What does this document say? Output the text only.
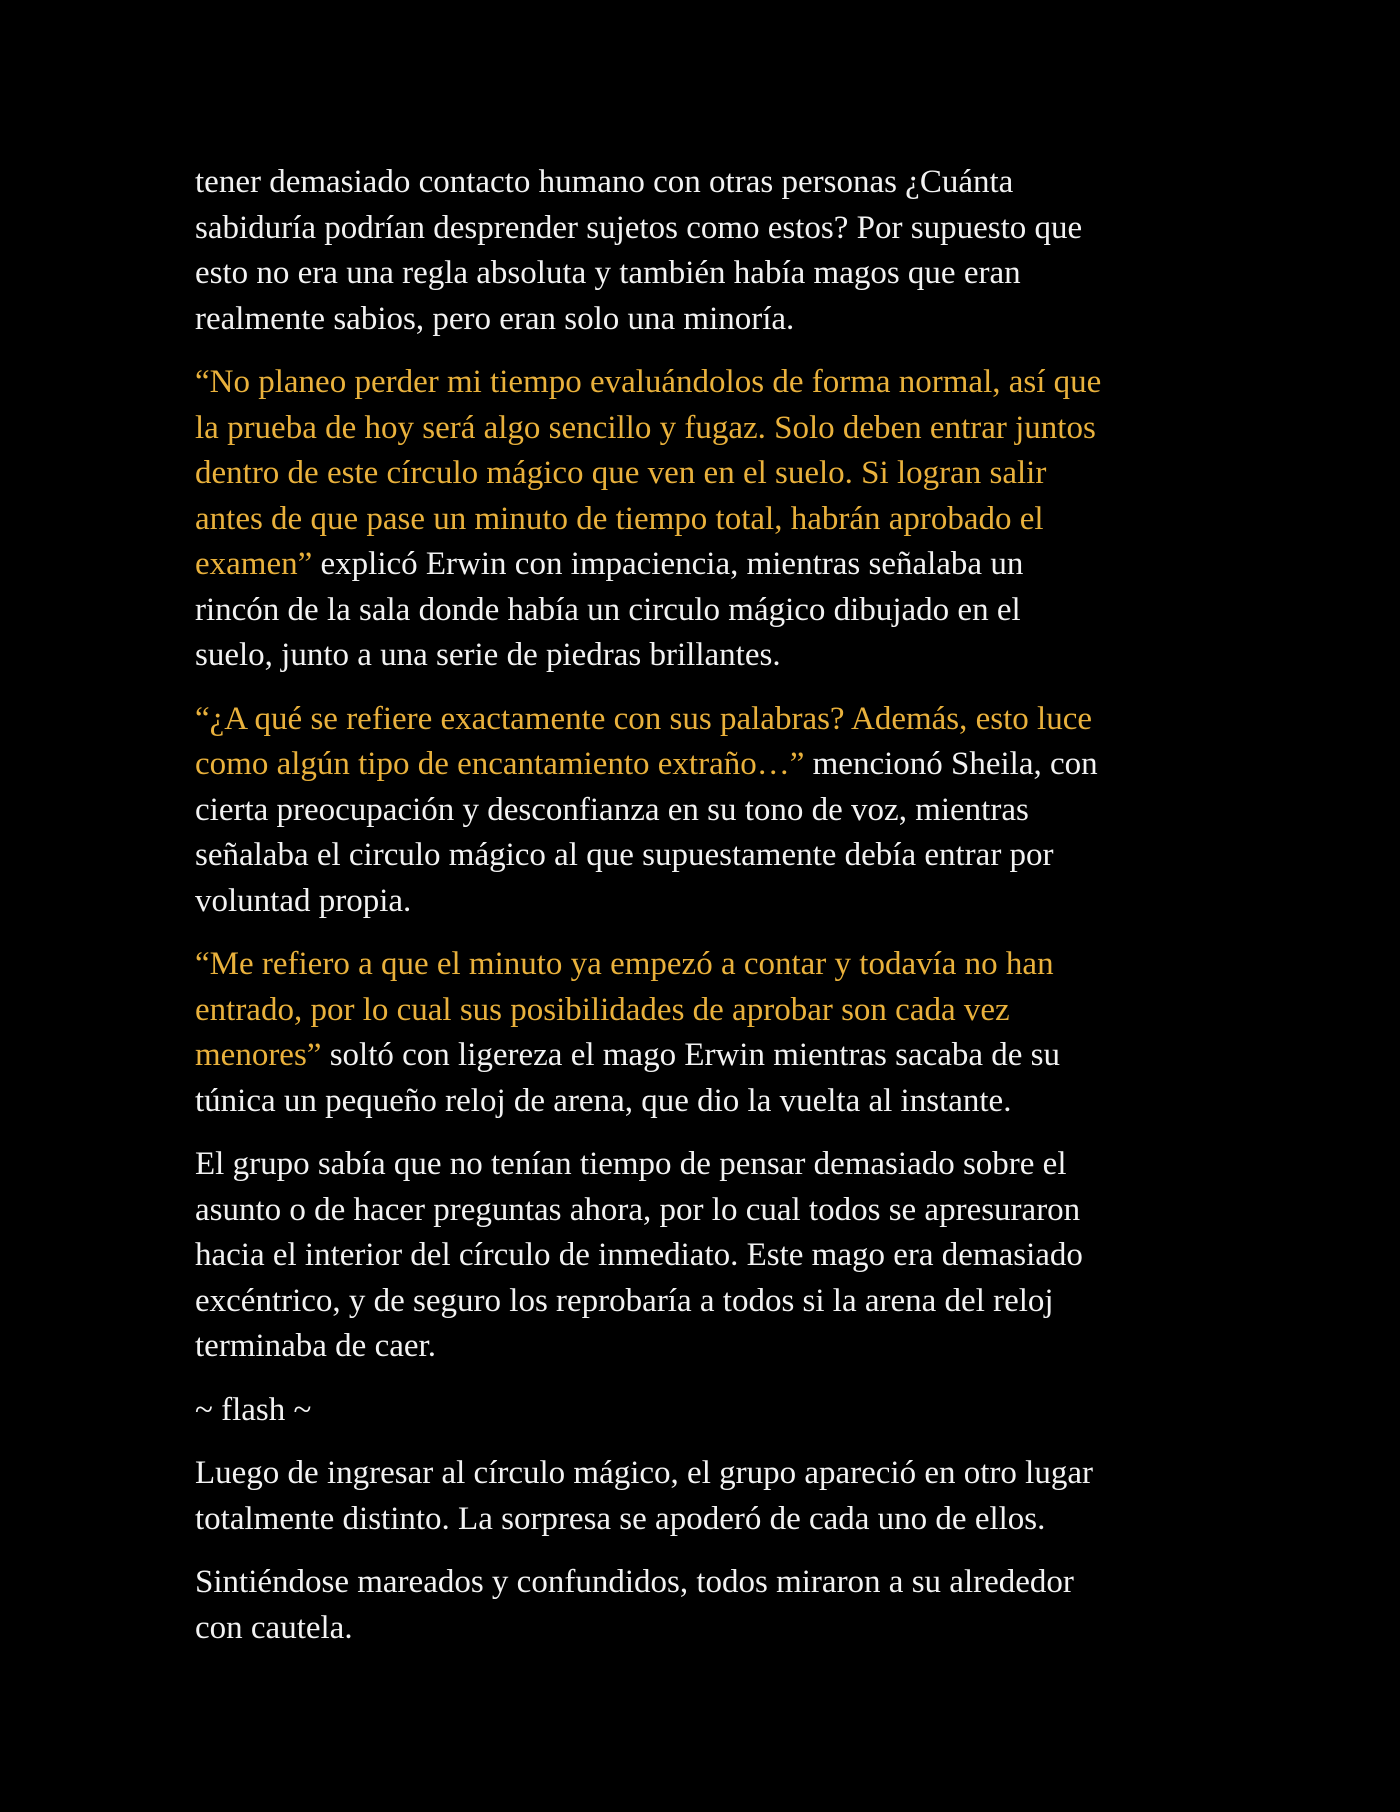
tener demasiado contacto humano con otras personas ¿Cuánta
sabiduría podrían desprender sujetos como estos? Por supuesto que
esto no era una regla absoluta y también había magos que eran
realmente sabios, pero eran solo una minoría.

“No planeo perder mi tiempo evaluándolos de forma normal, así que
la prueba de hoy será algo sencillo y fugaz. Solo deben entrar juntos
dentro de este círculo mágico que ven en el suelo. Si logran salir
antes de que pase un minuto de tiempo total, habrán aprobado el
examen” explicó Erwin con impaciencia, mientras señalaba un
rincón de la sala donde había un circulo mágico dibujado en el
suelo, junto a una serie de piedras brillantes.

“¿A qué se refiere exactamente con sus palabras? Además, esto luce
como algún tipo de encantamiento extraño…” mencionó Sheila, con
cierta preocupación y desconfianza en su tono de voz, mientras
señalaba el circulo mágico al que supuestamente debía entrar por
voluntad propia.

“Me refiero a que el minuto ya empezó a contar y todavía no han
entrado, por lo cual sus posibilidades de aprobar son cada vez
menores” soltó con ligereza el mago Erwin mientras sacaba de su
túnica un pequeño reloj de arena, que dio la vuelta al instante.

El grupo sabía que no tenían tiempo de pensar demasiado sobre el
asunto o de hacer preguntas ahora, por lo cual todos se apresuraron
hacia el interior del círculo de inmediato. Este mago era demasiado
excéntrico, y de seguro los reprobaría a todos si la arena del reloj
terminaba de caer.

~ flash ~

Luego de ingresar al círculo mágico, el grupo apareció en otro lugar
totalmente distinto. La sorpresa se apoderó de cada uno de ellos.

Sintiéndose mareados y confundidos, todos miraron a su alrededor
con cautela.
